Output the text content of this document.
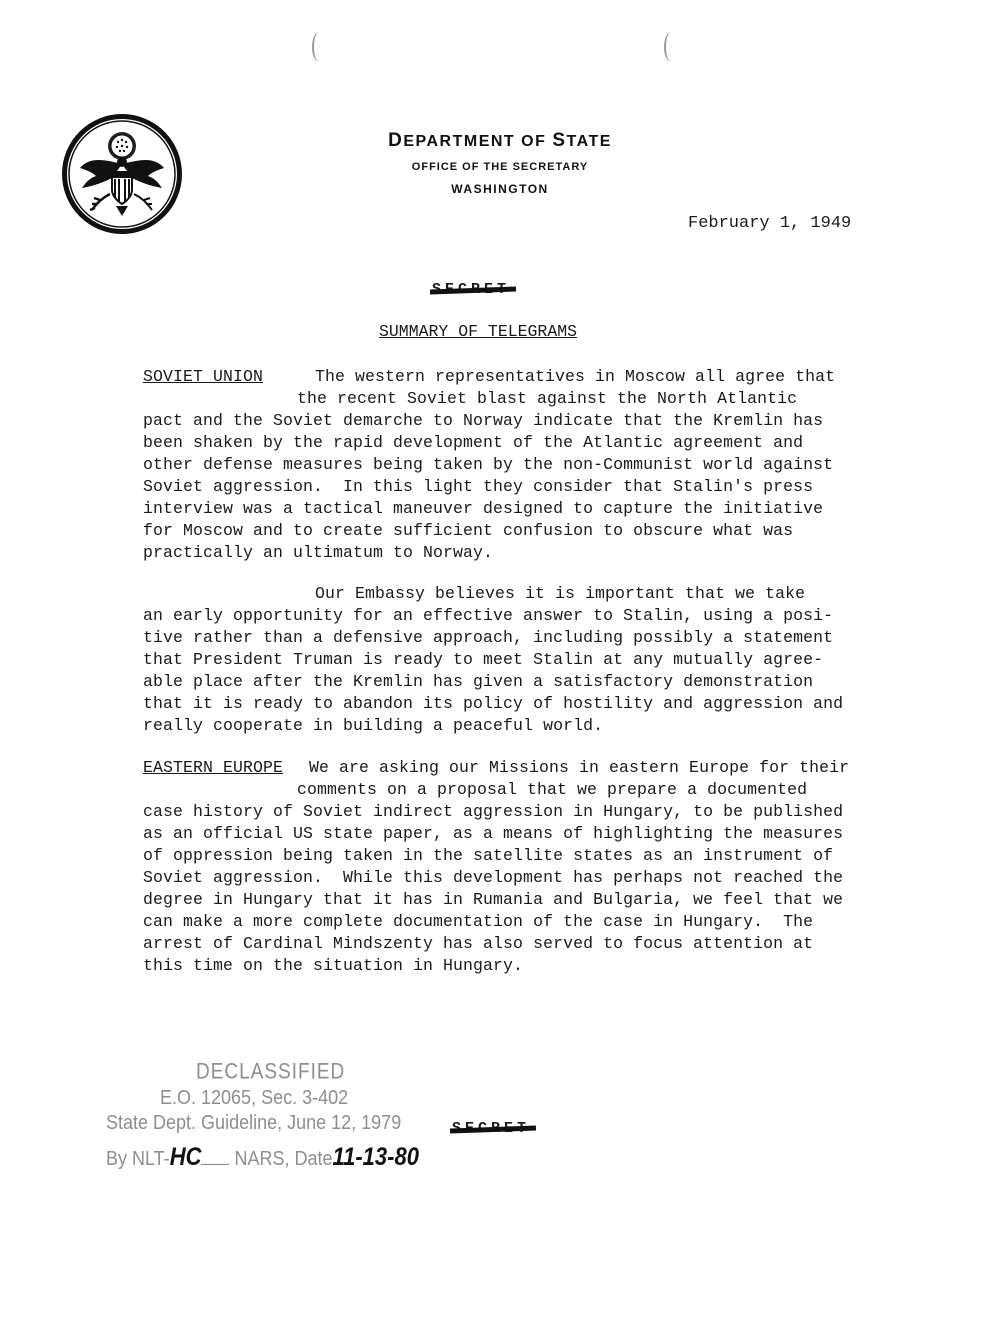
DEPARTMENT OF STATE
OFFICE OF THE SECRETARY
WASHINGTON
February 1, 1949
SUMMARY OF TELEGRAMS
SOVIET UNION	The western representatives in Moscow all agree that
the recent Soviet blast against the North Atlantic
pact and the Soviet demarche to Norway indicate that the Kremlin has
been shaken by the rapid development of the Atlantic agreement and
other defense measures being taken by the non-Communist world against
Soviet aggression.  In this light they consider that Stalin's press
interview was a tactical maneuver designed to capture the initiative
for Moscow and to create sufficient confusion to obscure what was
practically an ultimatum to Norway.
Our Embassy believes it is important that we take
an early opportunity for an effective answer to Stalin, using a posi-
tive rather than a defensive approach, including possibly a statement
that President Truman is ready to meet Stalin at any mutually agree-
able place after the Kremlin has given a satisfactory demonstration
that it is ready to abandon its policy of hostility and aggression and
really cooperate in building a peaceful world.
EASTERN EUROPE We are asking our Missions in eastern Europe for their
comments on a proposal that we prepare a documented
case history of Soviet indirect aggression in Hungary, to be published
as an official US state paper, as a means of highlighting the measures
of oppression being taken in the satellite states as an instrument of
Soviet aggression.  While this development has perhaps not reached the
degree in Hungary that it has in Rumania and Bulgaria, we feel that we
can make a more complete documentation of the case in Hungary.  The
arrest of Cardinal Mindszenty has also served to focus attention at
this time on the situation in Hungary.
DECLASSIFIED
E.O. 12065, Sec. 3-402
State Dept. Guideline, June 12, 1979
By NLT-HC NARS, Date11-13-80
